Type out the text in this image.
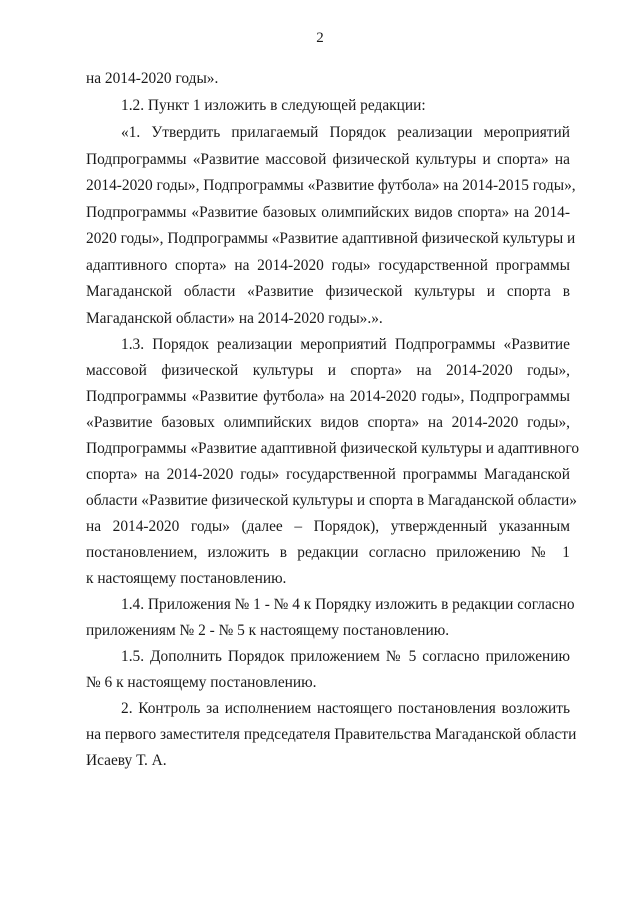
2
на 2014-2020 годы».
1.2. Пункт 1 изложить в следующей редакции:
«1. Утвердить прилагаемый Порядок реализации мероприятий
Подпрограммы «Развитие массовой физической культуры и спорта» на
2014-2020 годы», Подпрограммы «Развитие футбола» на 2014-2015 годы»,
Подпрограммы «Развитие базовых олимпийских видов спорта» на 2014-
2020 годы», Подпрограммы «Развитие адаптивной физической культуры и
адаптивного спорта» на 2014-2020 годы» государственной программы
Магаданской области «Развитие физической культуры и спорта в
Магаданской области» на 2014-2020 годы».».
1.3. Порядок реализации мероприятий Подпрограммы «Развитие
массовой физической культуры и спорта» на 2014-2020 годы»,
Подпрограммы «Развитие футбола» на 2014-2020 годы», Подпрограммы
«Развитие базовых олимпийских видов спорта» на 2014-2020 годы»,
Подпрограммы «Развитие адаптивной физической культуры и адаптивного
спорта» на 2014-2020 годы» государственной программы Магаданской
области «Развитие физической культуры и спорта в Магаданской области»
на 2014-2020 годы» (далее – Порядок), утвержденный указанным
постановлением, изложить в редакции согласно приложению № 1
к настоящему постановлению.
1.4. Приложения № 1 - № 4 к Порядку изложить в редакции согласно
приложениям № 2 - № 5 к настоящему постановлению.
1.5. Дополнить Порядок приложением № 5 согласно приложению
№ 6 к настоящему постановлению.
2. Контроль за исполнением настоящего постановления возложить
на первого заместителя председателя Правительства Магаданской области
Исаеву Т. А.
